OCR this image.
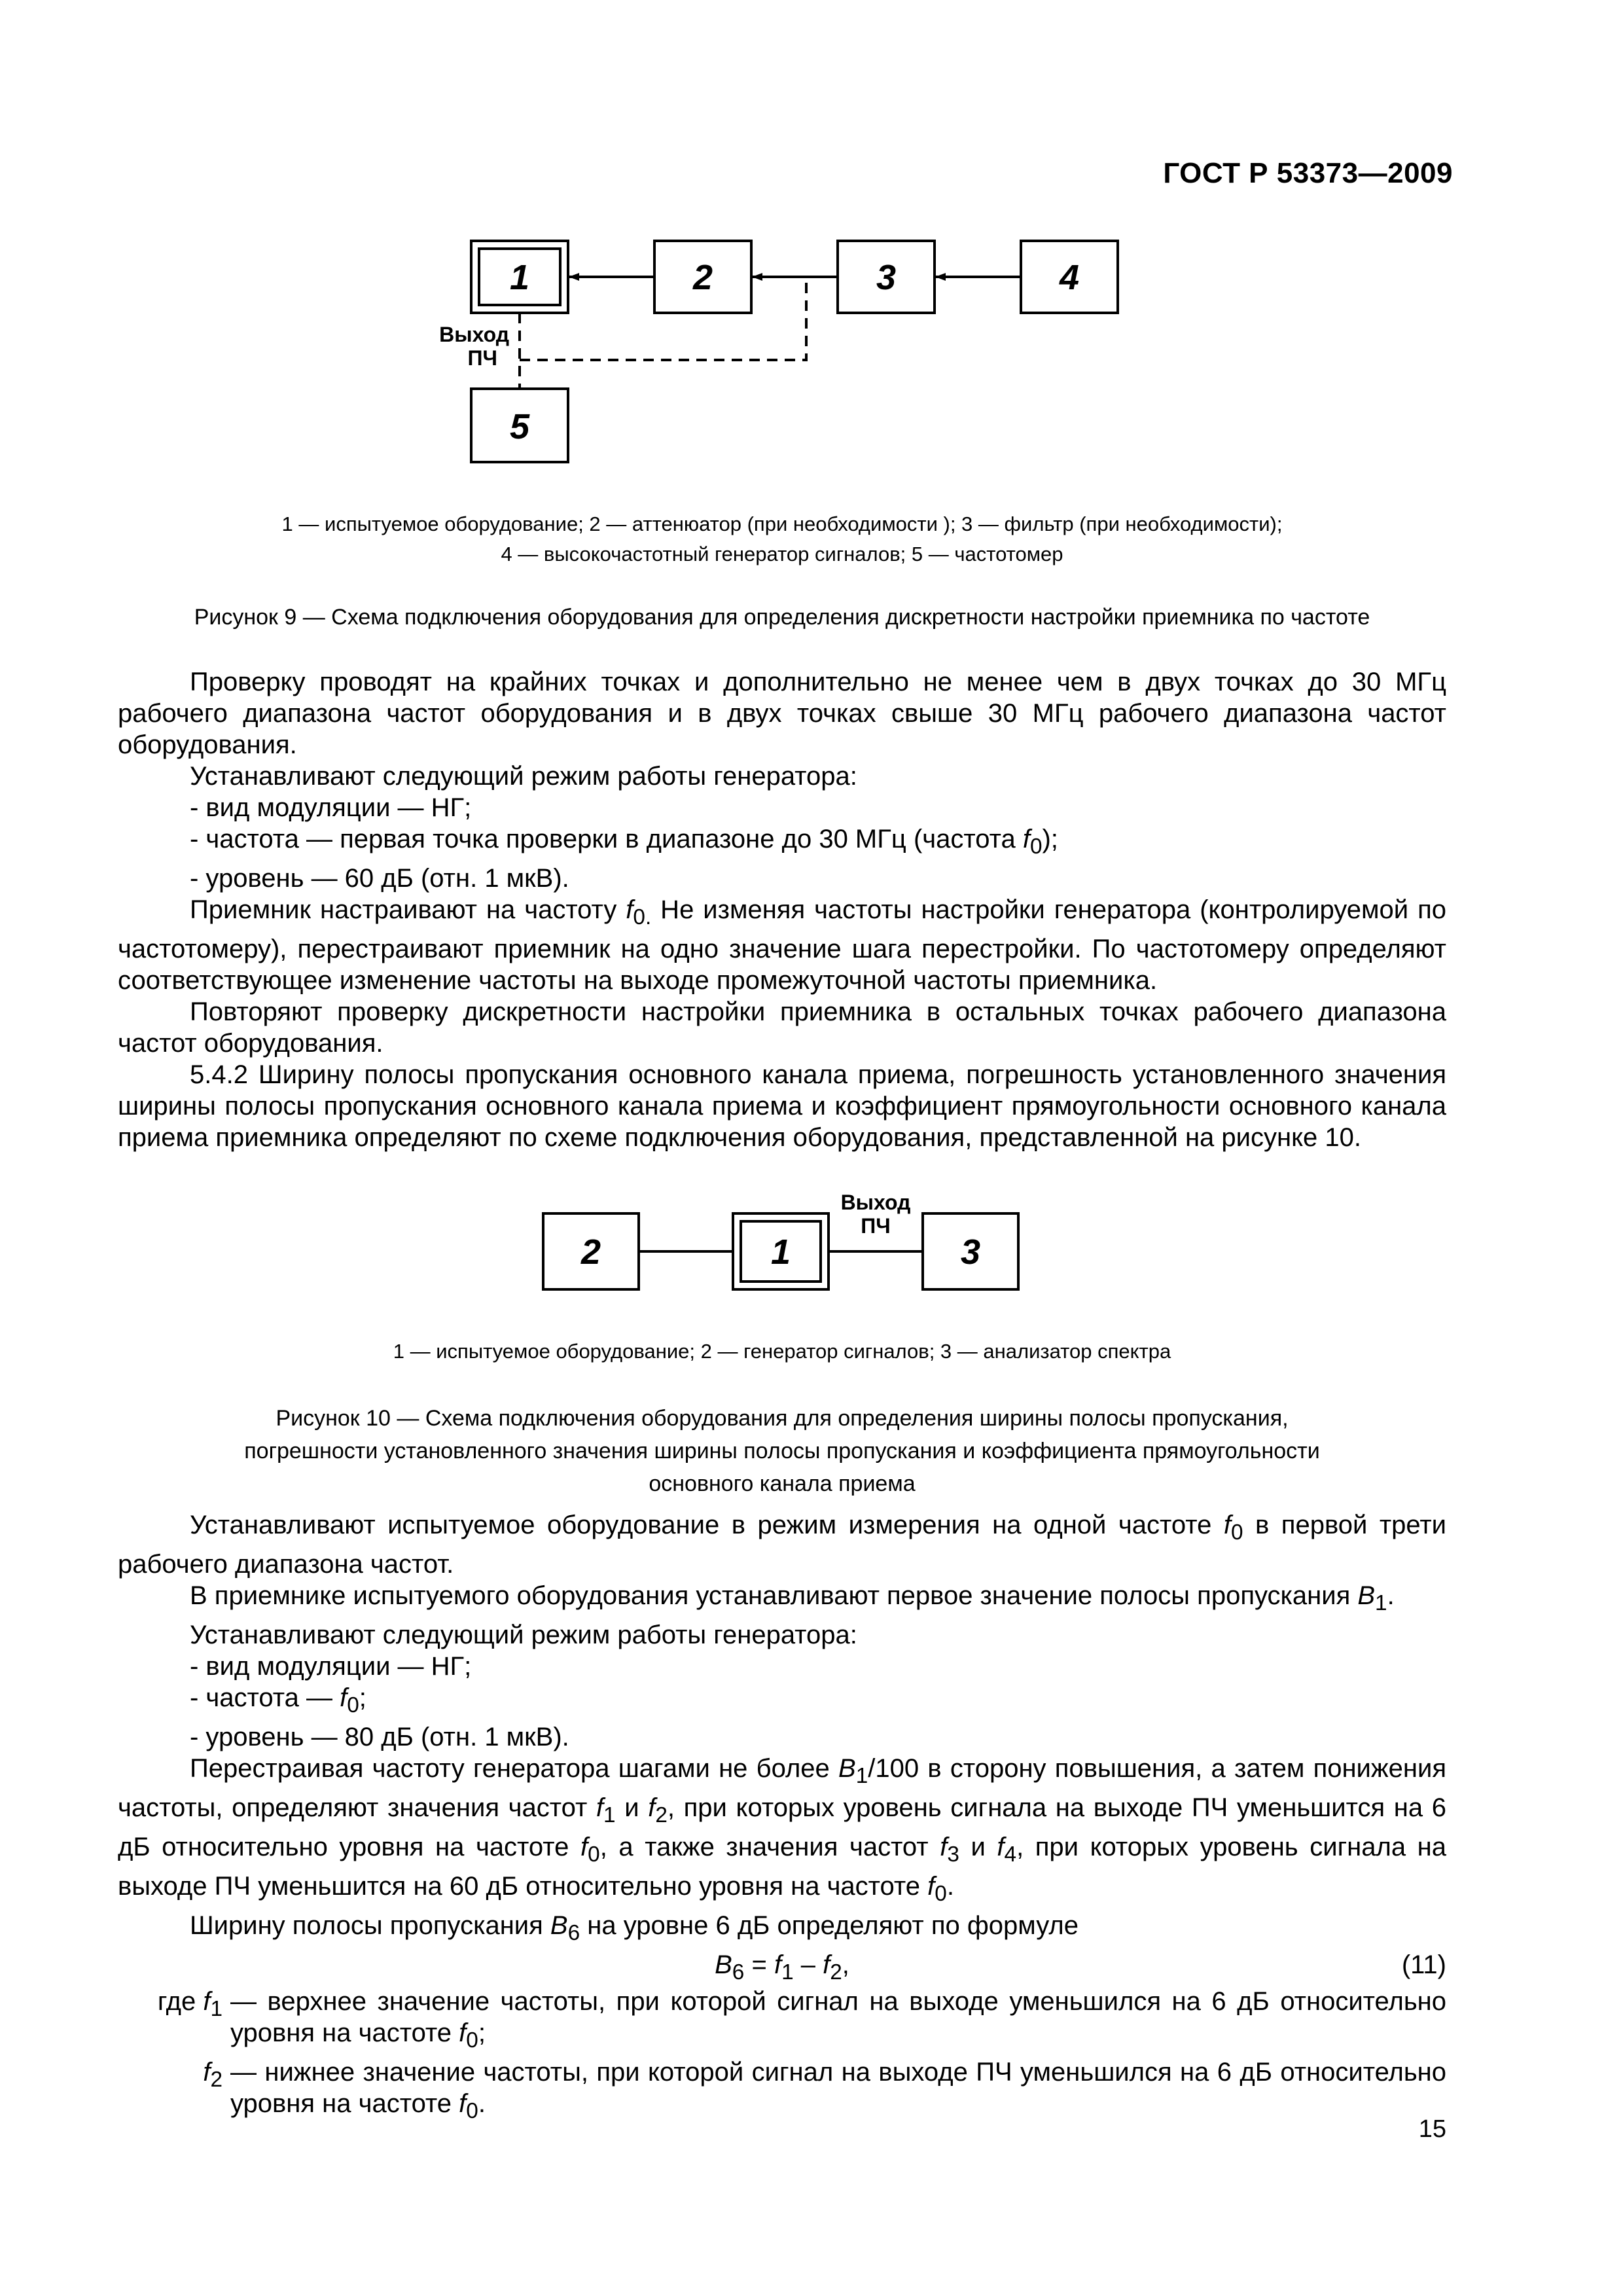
ГОСТ Р 53373—2009
1	2	3	4
5
Выход
ПЧ
1 — испытуемое оборудование; 2 — аттенюатор (при необходимости ); 3 — фильтр (при необходимости);
4 — высокочастотный генератор сигналов; 5 — частотомер
Рисунок 9 — Схема подключения оборудования для определения дискретности настройки приемника по частоте

Проверку проводят на крайних точках и дополнительно не менее чем в двух точках до 30 МГц рабочего диапазона частот оборудования и в двух точках свыше 30 МГц рабочего диапазона частот оборудования.

Устанавливают следующий режим работы генератора:

- вид модуляции — НГ;

- частота — первая точка проверки в диапазоне до 30 МГц (частота $f_0$);

- уровень — 60 дБ (отн. 1 мкВ).

Приемник настраивают на частоту $f_{0.}$ Не изменяя частоты настройки генератора (контролируемой по частотомеру), перестраивают приемник на одно значение шага перестройки. По частотомеру определяют соответствующее изменение частоты на выходе промежуточной частоты приемника.

Повторяют проверку дискретности настройки приемника в остальных точках рабочего диапазона частот оборудования.

5.4.2 Ширину полосы пропускания основного канала приема, погрешность установленного значения ширины полосы пропускания основного канала приема и коэффициент прямоугольности основного канала приема приемника определяют по схеме подключения оборудования, представленной на рисунке 10.

2	1	3
Выход
ПЧ
1 — испытуемое оборудование; 2 — генератор сигналов; 3 — анализатор спектра
Рисунок 10 — Схема подключения оборудования для определения ширины полосы пропускания,
погрешности установленного значения ширины полосы пропускания и коэффициента прямоугольности
основного канала приема

Устанавливают испытуемое оборудование в режим измерения на одной частоте $f_0$ в первой трети рабочего диапазона частот.

В приемнике испытуемого оборудования устанавливают первое значение полосы пропускания $B_1$.

Устанавливают следующий режим работы генератора:

- вид модуляции — НГ;

- частота — $f_0$;

- уровень — 80 дБ (отн. 1 мкВ).

Перестраивая частоту генератора шагами не более $B_1/100$ в сторону повышения, а затем понижения частоты, определяют значения частот $f_1$ и $f_2$, при которых уровень сигнала на выходе ПЧ уменьшится на 6 дБ относительно уровня на частоте $f_0$, а также значения частот $f_3$ и $f_4$, при которых уровень сигнала на выходе ПЧ уменьшится на 60 дБ относительно уровня на частоте $f_0$.

Ширину полосы пропускания $B_6$ на уровне 6 дБ определяют по формуле

$B_6 = f_1 - f_2$,	(11)
где $f_1$ — верхнее значение частоты, при которой сигнал на выходе уменьшился на 6 дБ относительно уровня на частоте $f_0$;
$f_2$ — нижнее значение частоты, при которой сигнал на выходе ПЧ уменьшился на 6 дБ относительно уровня на частоте $f_0$.
15
